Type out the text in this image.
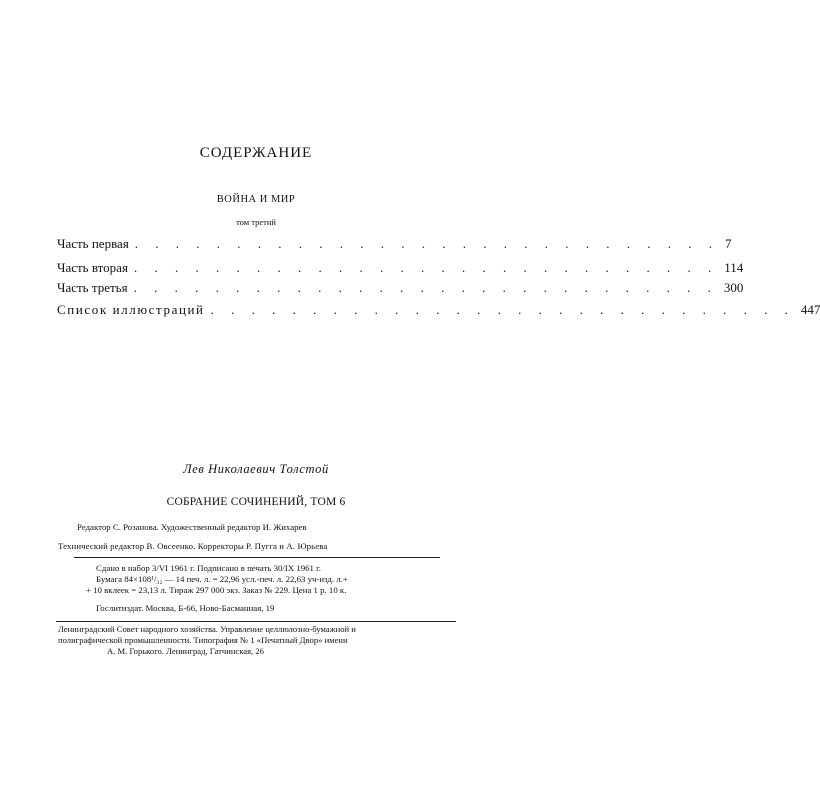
СОДЕРЖАНИЕ
ВОЙНА И МИР
том третий
Часть первая . . . . . . . . . . . . . . . . . . . . . . . . . . . . . 7
Часть вторая . . . . . . . . . . . . . . . . . . . . . . . . . . . . . 114
Часть третья . . . . . . . . . . . . . . . . . . . . . . . . . . . . . 300
Список иллюстраций . . . . . . . . . . . . . . . . . . . . . . . . . . . . . 447
Лев Николаевич Толстой
СОБРАНИЕ СОЧИНЕНИЙ, ТОМ 6
Редактор С. Розанова. Художественный редактор И. Жихарев
Технический редактор В. Овсеенко. Корректоры Р. Пугга и А. Юрьева
Сдано в набор 3/VI 1961 г. Подписано в печать 30/IX 1961 г.
Бумага 84×108¹/₃₂ — 14 печ. л. = 22,96 усл.-печ. л. 22,63 уч-изд. л.+
+ 10 вклеек = 23,13 л. Тираж 297 000 экз. Заказ № 229. Цена 1 р. 10 к.
Гослитиздат. Москва, Б-66, Ново-Басманная, 19
Ленинградский Совет народного хозяйства. Управление целлюлозно-бумажной и
полиграфической промышленности. Типография № 1 «Печатный Двор» имени
А. М. Горького. Ленинград, Гатчинская, 26
